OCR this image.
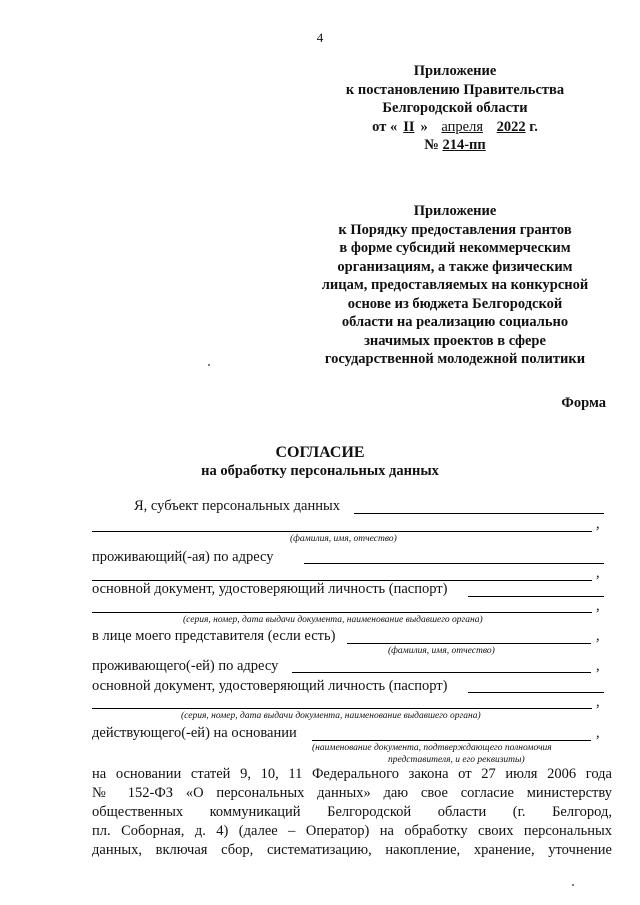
4
Приложение
к постановлению Правительства
Белгородской области
от « II » апреля 2022 г.
№ 214-пп
Приложение
к Порядку предоставления грантов
в форме субсидий некоммерческим
организациям, а также физическим
лицам, предоставляемых на конкурсной
основе из бюджета Белгородской
области на реализацию социально
значимых проектов в сфере
государственной молодежной политики
Форма
СОГЛАСИЕ
на обработку персональных данных
Я, субъект персональных данных
,
(фамилия, имя, отчество)
проживающий(-ая) по адресу
,
основной документ, удостоверяющий личность (паспорт)
,
(серия, номер, дата выдачи документа, наименование выдавшего органа)
в лице моего представителя (если есть)	,
(фамилия, имя, отчество)
проживающего(-ей) по адресу	,
основной документ, удостоверяющий личность (паспорт)
,
(серия, номер, дата выдачи документа, наименование выдавшего органа)
действующего(-ей) на основании	,
(наименование документа, подтверждающего полномочия
представителя, и его реквизиты)
на основании статей 9, 10, 11 Федерального закона от 27 июля 2006 года
№ 152-ФЗ «О персональных данных» даю свое согласие министерству
общественных коммуникаций Белгородской области (г. Белгород,
пл. Соборная, д. 4) (далее – Оператор) на обработку своих персональных
данных, включая сбор, систематизацию, накопление, хранение, уточнение
